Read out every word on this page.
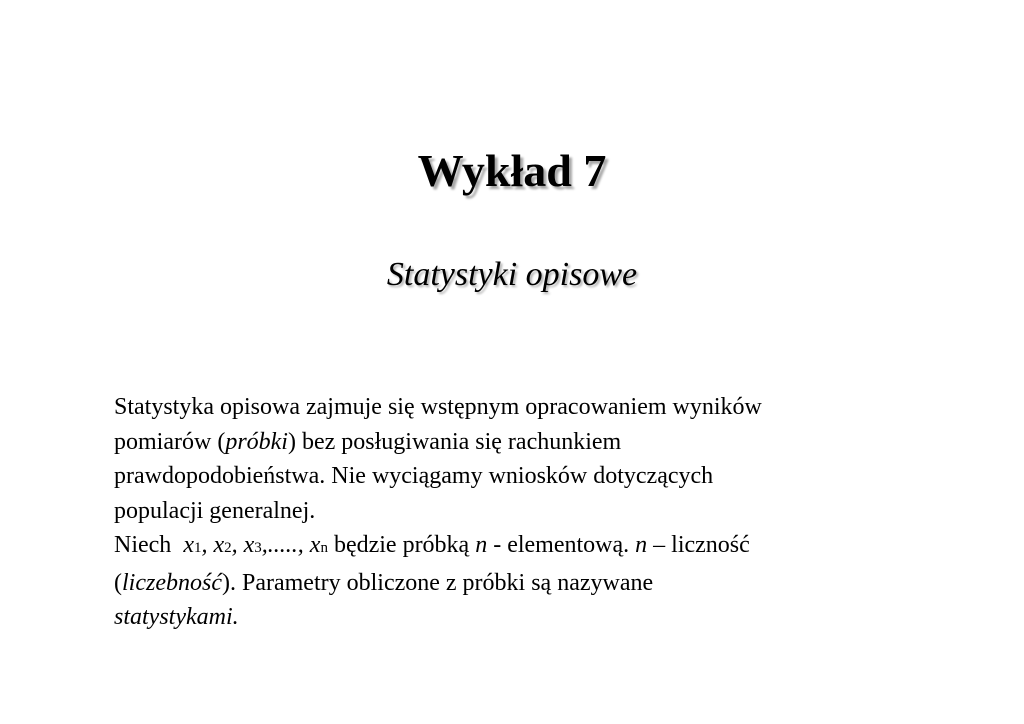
Wykład 7
Statystyki opisowe

Statystyka opisowa zajmuje się wstępnym opracowaniem wyników

pomiarów (próbki) bez posługiwania się rachunkiem

prawdopodobieństwa. Nie wyciągamy wniosków dotyczących

populacji generalnej.

Niech  x1, x2, x3,....., xn będzie próbką n - elementową. n – liczność

(liczebność). Parametry obliczone z próbki są nazywane

statystykami.
